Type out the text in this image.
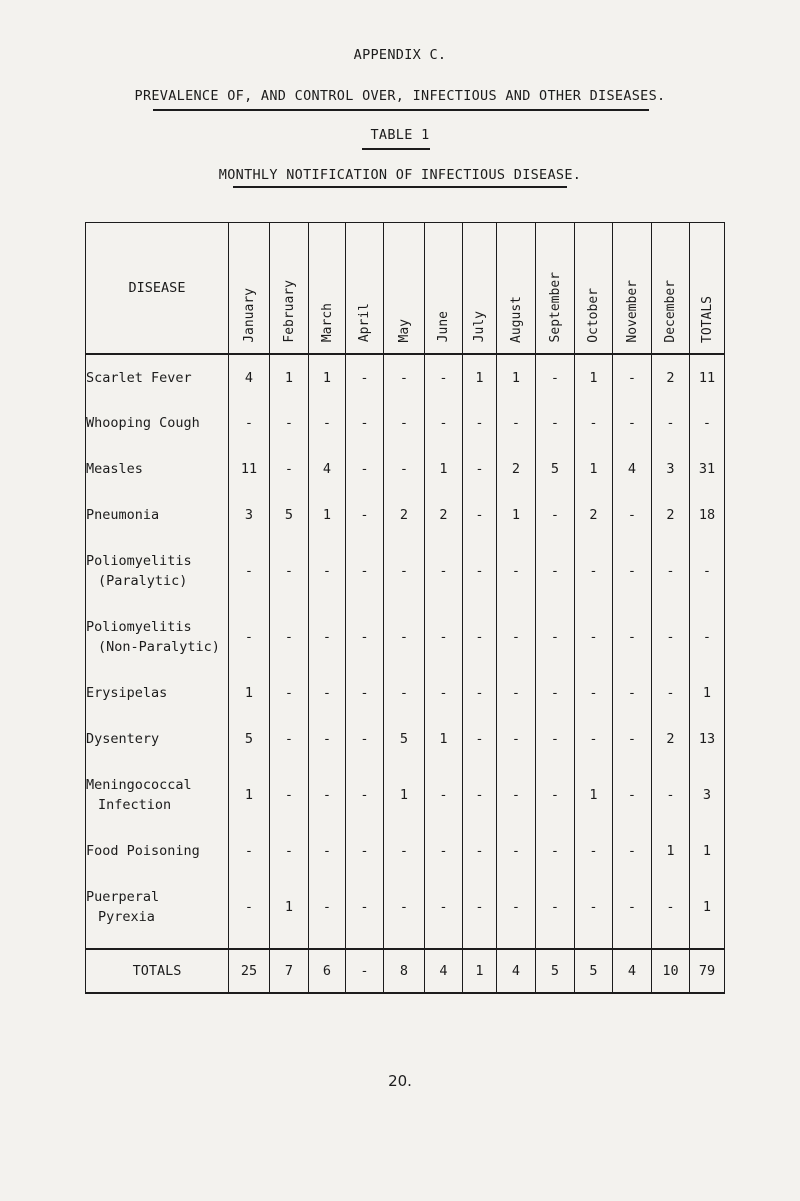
APPENDIX C.
PREVALENCE OF, AND CONTROL OVER, INFECTIOUS AND OTHER DISEASES.
TABLE 1
MONTHLY NOTIFICATION OF INFECTIOUS DISEASE.
DISEASE	January	February	March	April	May	June	July	August	September	October	November	December	TOTALS

Scarlet Fever	4	1	1	-	-	-	1	1	-	1	-	2	11

Whooping Cough	-	-	-	-	-	-	-	-	-	-	-	-	-

Measles	11	-	4	-	-	1	-	2	5	1	4	3	31

Pneumonia	3	5	1	-	2	2	-	1	-	2	-	2	18

Poliomyelitis
(Paralytic)	-	-	-	-	-	-	-	-	-	-	-	-	-

Poliomyelitis
(Non-Paralytic)	-	-	-	-	-	-	-	-	-	-	-	-	-

Erysipelas	1	-	-	-	-	-	-	-	-	-	-	-	1

Dysentery	5	-	-	-	5	1	-	-	-	-	-	2	13

Meningococcal
Infection	1	-	-	-	1	-	-	-	-	1	-	-	3

Food Poisoning	-	-	-	-	-	-	-	-	-	-	-	1	1

Puerperal
Pyrexia	-	1	-	-	-	-	-	-	-	-	-	-	1

TOTALS	25	7	6	-	8	4	1	4	5	5	4	10	79
20.
